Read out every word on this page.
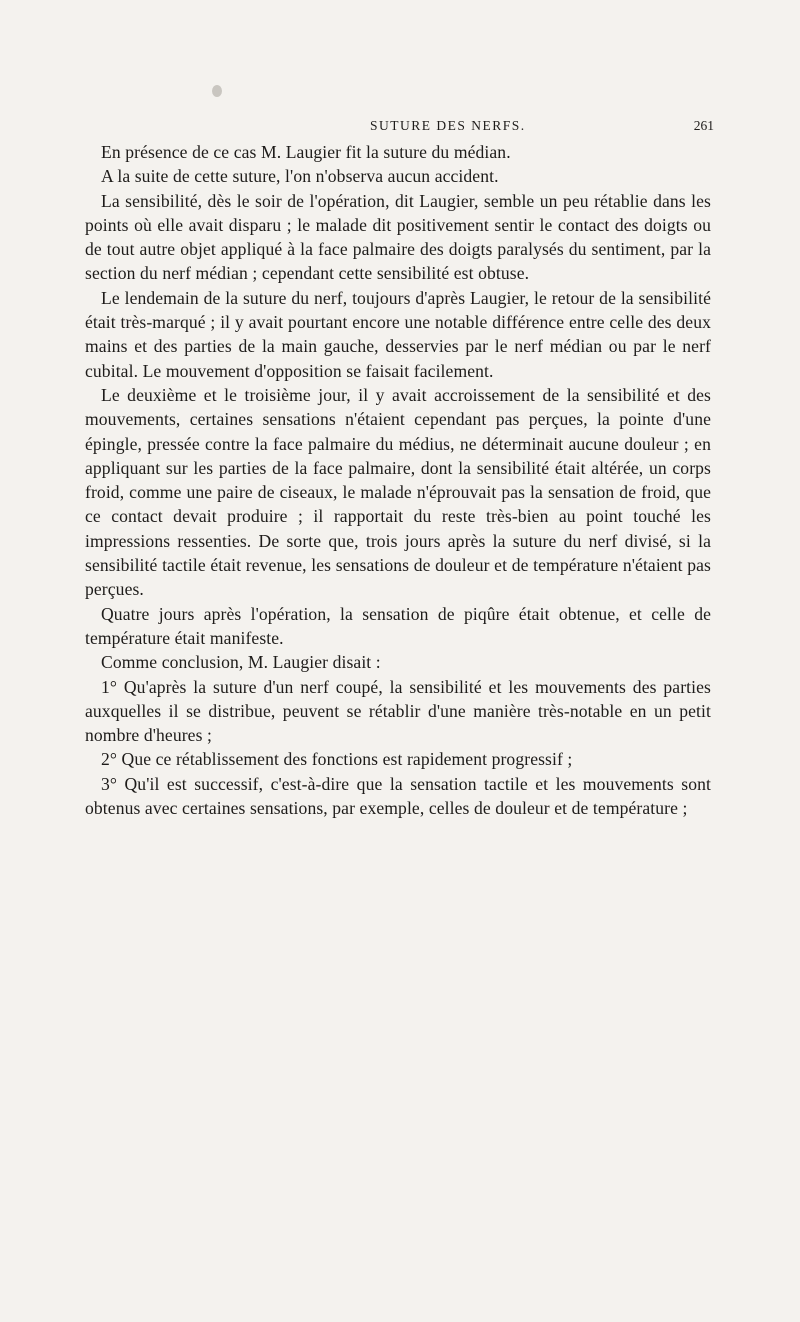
SUTURE DES NERFS.	261

En présence de ce cas M. Laugier fit la suture du médian.

A la suite de cette suture, l'on n'observa aucun accident.

La sensibilité, dès le soir de l'opération, dit Laugier, semble un peu rétablie dans les points où elle avait disparu ; le malade dit positivement sentir le contact des doigts ou de tout autre objet appliqué à la face palmaire des doigts paralysés du sentiment, par la section du nerf médian ; cependant cette sensibilité est obtuse.

Le lendemain de la suture du nerf, toujours d'après Laugier, le retour de la sensibilité était très-marqué ; il y avait pourtant encore une notable différence entre celle des deux mains et des parties de la main gauche, desservies par le nerf médian ou par le nerf cubital. Le mouvement d'opposition se faisait facilement.

Le deuxième et le troisième jour, il y avait accroissement de la sensibilité et des mouvements, certaines sensations n'étaient cependant pas perçues, la pointe d'une épingle, pressée contre la face palmaire du médius, ne déterminait aucune douleur ; en appliquant sur les parties de la face palmaire, dont la sensibilité était altérée, un corps froid, comme une paire de ciseaux, le malade n'éprouvait pas la sensation de froid, que ce contact devait produire ; il rapportait du reste très-bien au point touché les impressions ressenties. De sorte que, trois jours après la suture du nerf divisé, si la sensibilité tactile était revenue, les sensations de douleur et de température n'étaient pas perçues.

Quatre jours après l'opération, la sensation de piqûre était obtenue, et celle de température était manifeste.

Comme conclusion, M. Laugier disait :

1° Qu'après la suture d'un nerf coupé, la sensibilité et les mouvements des parties auxquelles il se distribue, peuvent se rétablir d'une manière très-notable en un petit nombre d'heures ;

2° Que ce rétablissement des fonctions est rapidement progressif ;

3° Qu'il est successif, c'est-à-dire que la sensation tactile et les mouvements sont obtenus avec certaines sensations, par exemple, celles de douleur et de température ;
